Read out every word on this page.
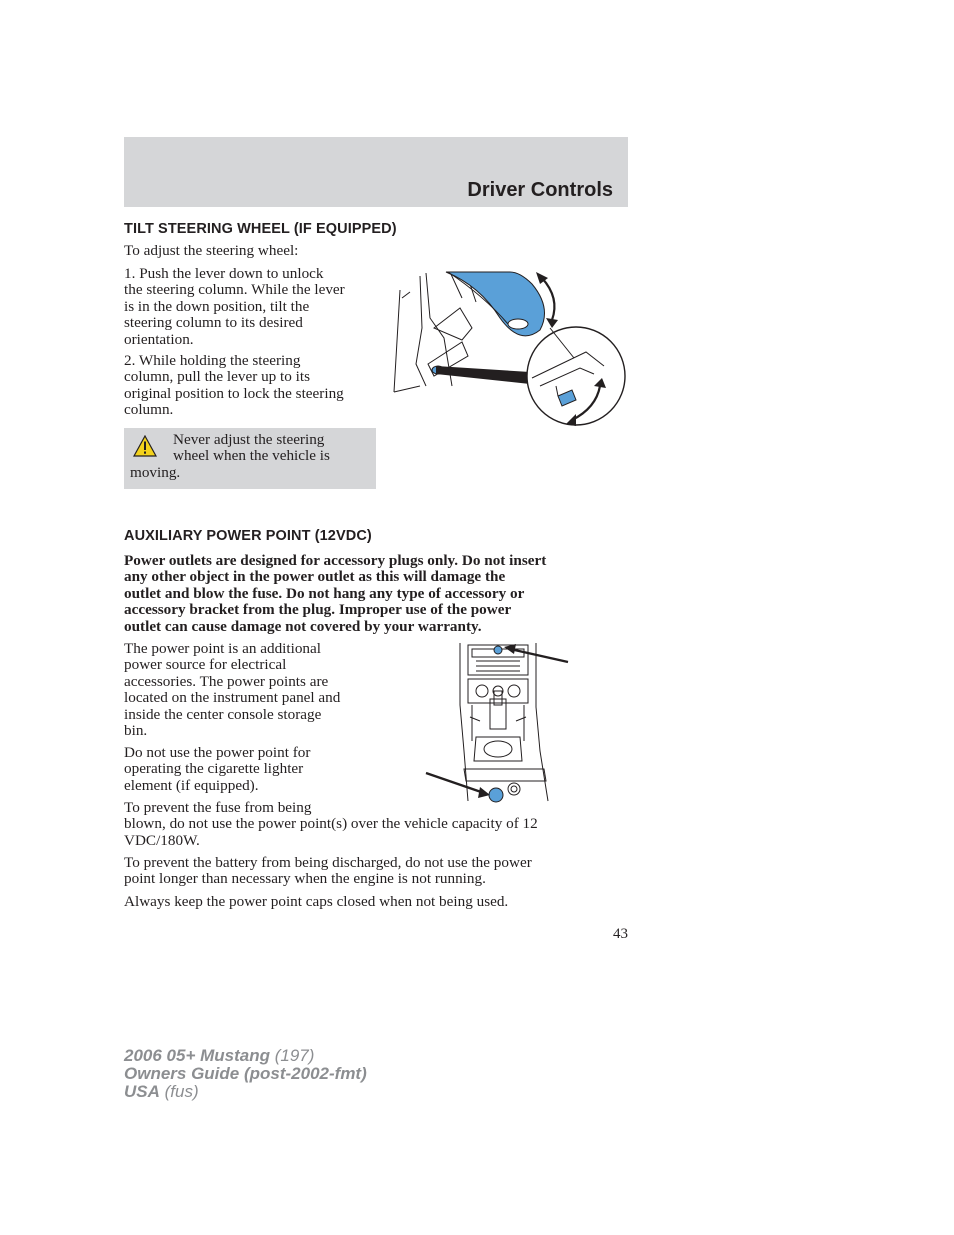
Driver Controls
TILT STEERING WHEEL (IF EQUIPPED)

To adjust the steering wheel:

1. Push the lever down to unlock
the steering column. While the lever
is in the down position, tilt the
steering column to its desired
orientation.
2. While holding the steering
column, pull the lever up to its
original position to lock the steering
column.
Never adjust the steering wheel when the vehicle is moving.
AUXILIARY POWER POINT (12VDC)
Power outlets are designed for accessory plugs only. Do not insert
any other object in the power outlet as this will damage the
outlet and blow the fuse. Do not hang any type of accessory or
accessory bracket from the plug. Improper use of the power
outlet can cause damage not covered by your warranty.
The power point is an additional
power source for electrical
accessories. The power points are
located on the instrument panel and
inside the center console storage
bin.
Do not use the power point for
operating the cigarette lighter
element (if equipped).
To prevent the fuse from being
blown, do not use the power point(s) over the vehicle capacity of 12
VDC/180W.
To prevent the battery from being discharged, do not use the power
point longer than necessary when the engine is not running.

Always keep the power point caps closed when not being used.

43
2006 05+ Mustang (197)
Owners Guide (post-2002-fmt)
USA (fus)
